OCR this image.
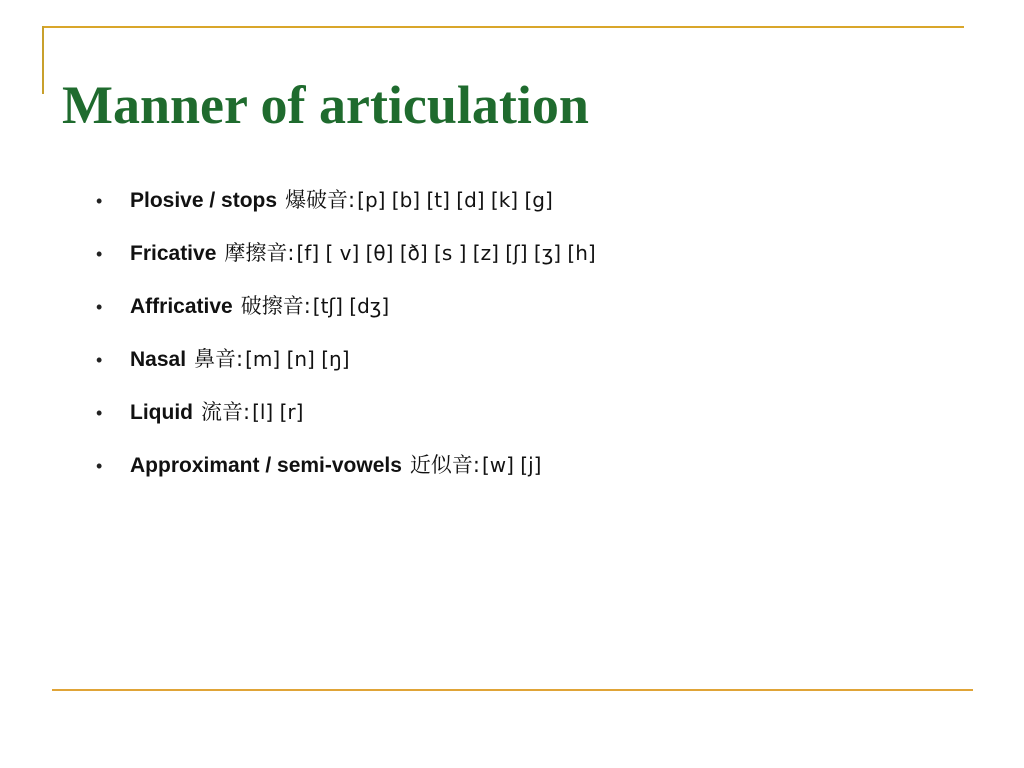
Manner of articulation
•	Plosive / stops 爆破音: [p] [b] [t] [d] [k] [g]
•	Fricative 摩擦音: [f] [ v] [θ] [ð] [s ] [z] [ʃ] [ʒ] [h]
•	Affricative 破擦音: [tʃ] [dʒ]
•	Nasal 鼻音: [m] [n] [ŋ]
•	Liquid 流音: [l] [r]
•	Approximant / semi-vowels 近似音: [w] [j]
